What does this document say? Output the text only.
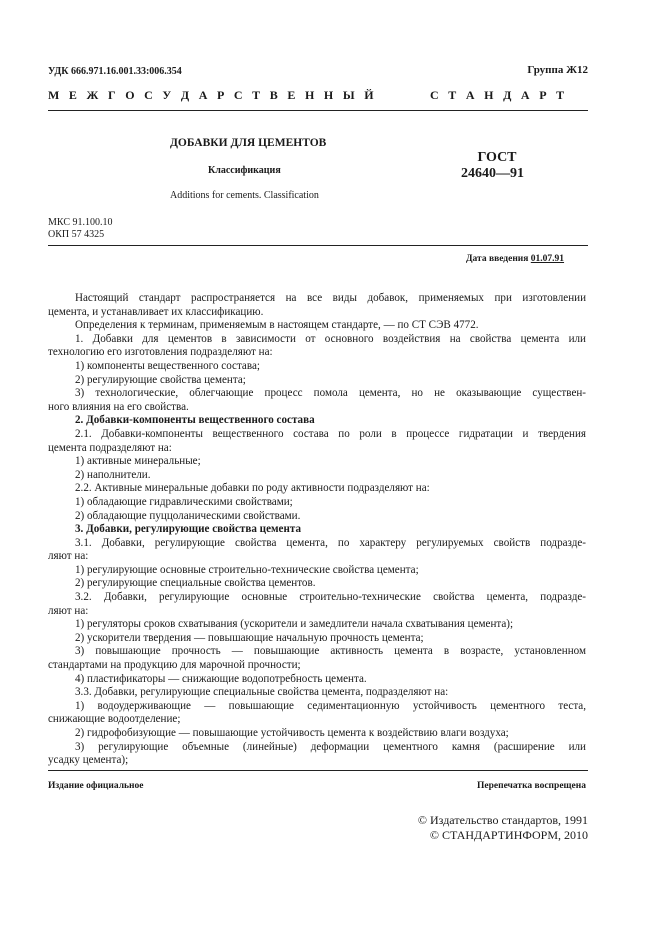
УДК 666.971.16.001.33:006.354	Группа Ж12
М Е Ж Г О С У Д А Р С Т В Е Н Н Ы Й	С Т А Н Д А Р Т
ДОБАВКИ ДЛЯ ЦЕМЕНТОВ
Классификация
Additions for cements. Classification
ГОСТ
24640—91
МКС 91.100.10
ОКП 57 4325
Дата введения 01.07.91

Настоящий стандарт распространяется на все виды добавок, применяемых при изготовлении

цемента, и устанавливает их классификацию.

Определения к терминам, применяемым в настоящем стандарте, — по СТ СЭВ 4772.

1. Добавки для цементов в зависимости от основного воздействия на свойства цемента или

технологию его изготовления подразделяют на:

1) компоненты вещественного состава;

2) регулирующие свойства цемента;

3) технологические, облегчающие процесс помола цемента, но не оказывающие существен-

ного влияния на его свойства.

2. Добавки-компоненты вещественного состава

2.1. Добавки-компоненты вещественного состава по роли в процессе гидратации и твердения

цемента подразделяют на:

1) активные минеральные;

2) наполнители.

2.2. Активные минеральные добавки по роду активности подразделяют на:

1) обладающие гидравлическими свойствами;

2) обладающие пуццоланическими свойствами.

3. Добавки, регулирующие свойства цемента

3.1. Добавки, регулирующие свойства цемента, по характеру регулируемых свойств подразде-

ляют на:

1) регулирующие основные строительно-технические свойства цемента;

2) регулирующие специальные свойства цементов.

3.2. Добавки, регулирующие основные строительно-технические свойства цемента, подразде-

ляют на:

1) регуляторы сроков схватывания (ускорители и замедлители начала схватывания цемента);

2) ускорители твердения — повышающие начальную прочность цемента;

3) повышающие прочность — повышающие активность цемента в возрасте, установленном

стандартами на продукцию для марочной прочности;

4) пластификаторы — снижающие водопотребность цемента.

3.3. Добавки, регулирующие специальные свойства цемента, подразделяют на:

1) водоудерживающие — повышающие седиментационную устойчивость цементного теста,

снижающие водоотделение;

2) гидрофобизующие — повышающие устойчивость цемента к воздействию влаги воздуха;

3) регулирующие объемные (линейные) деформации цементного камня (расширение или

усадку цемента);

Издание официальное	Перепечатка воспрещена
© Издательство стандартов, 1991
© СТАНДАРТИНФОРМ, 2010
